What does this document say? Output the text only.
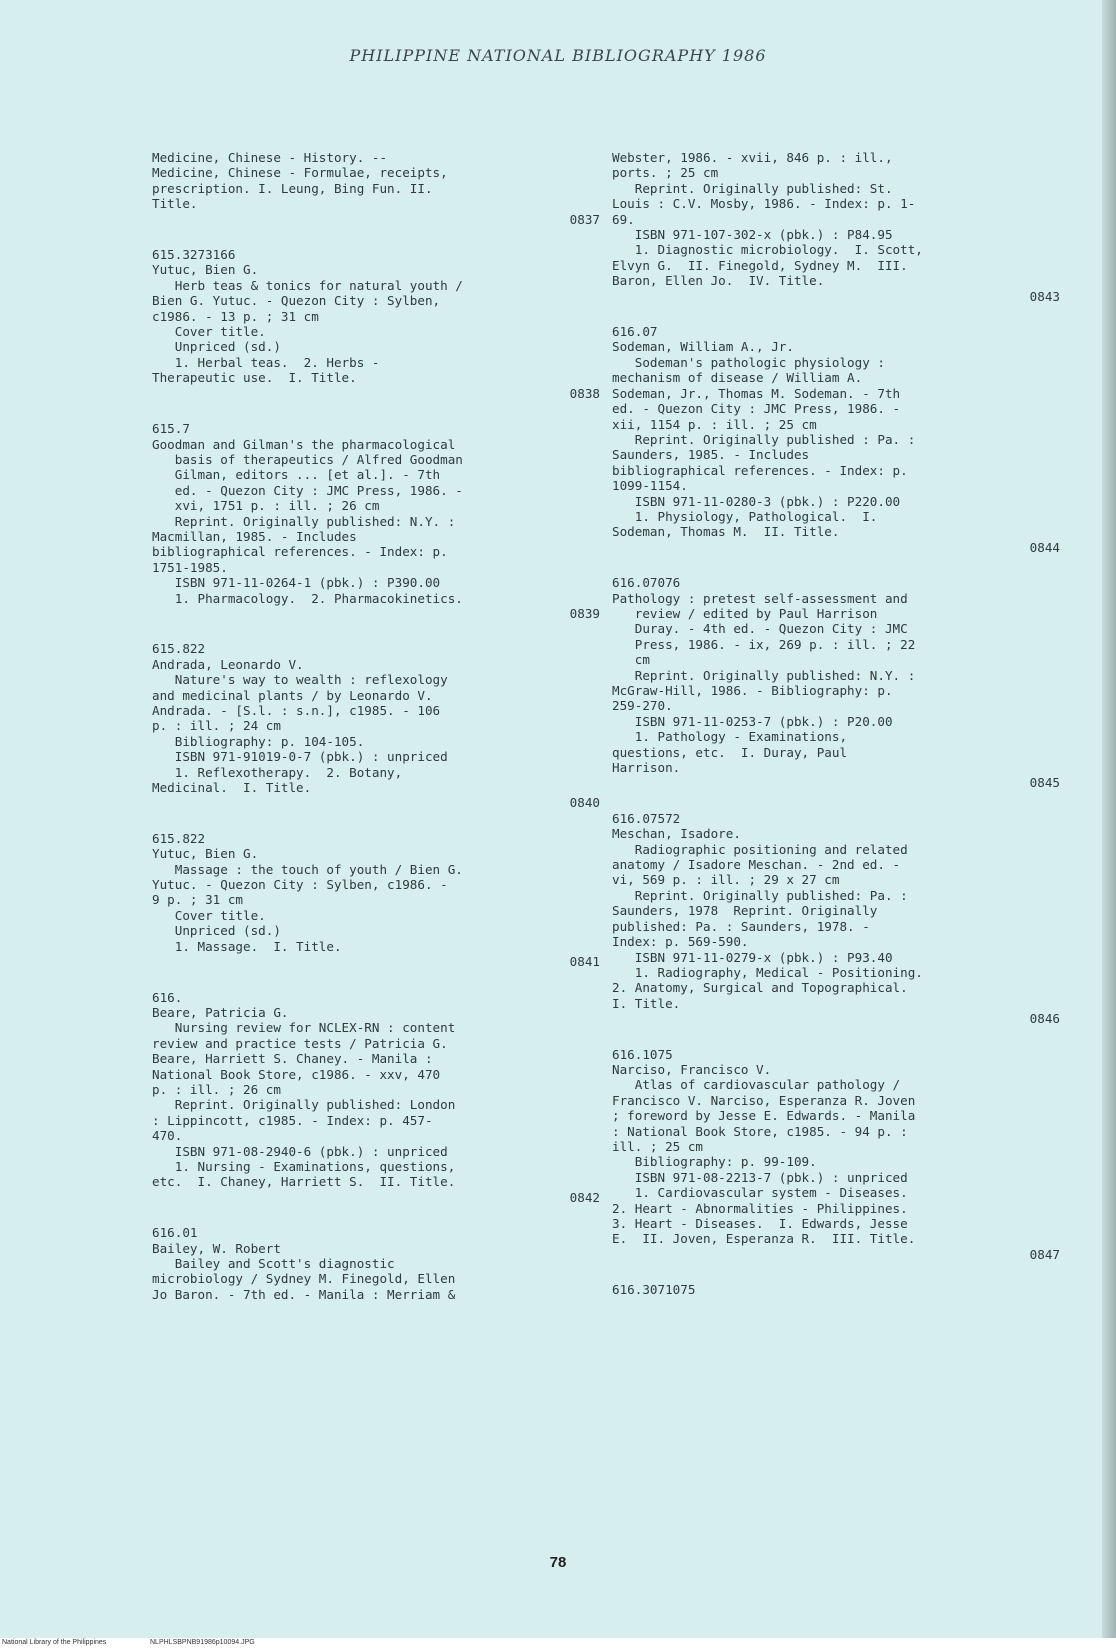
PHILIPPINE NATIONAL BIBLIOGRAPHY 1986
Medicine, Chinese - History. --
Medicine, Chinese - Formulae, receipts,
prescription. I. Leung, Bing Fun. II.
Title.
0837
615.3273166
Yutuc, Bien G.
Herb teas & tonics for natural youth /
Bien G. Yutuc. - Quezon City : Sylben,
c1986. - 13 p. ; 31 cm
Cover title.
Unpriced (sd.)
1. Herbal teas.  2. Herbs -
Therapeutic use.  I. Title.
0838
615.7
Goodman and Gilman's the pharmacological
basis of therapeutics / Alfred Goodman
Gilman, editors ... [et al.]. - 7th
ed. - Quezon City : JMC Press, 1986. -
xvi, 1751 p. : ill. ; 26 cm
Reprint. Originally published: N.Y. :
Macmillan, 1985. - Includes
bibliographical references. - Index: p.
1751-1985.
ISBN 971-11-0264-1 (pbk.) : P390.00
1. Pharmacology.  2. Pharmacokinetics.
0839
615.822
Andrada, Leonardo V.
Nature's way to wealth : reflexology
and medicinal plants / by Leonardo V.
Andrada. - [S.l. : s.n.], c1985. - 106
p. : ill. ; 24 cm
Bibliography: p. 104-105.
ISBN 971-91019-0-7 (pbk.) : unpriced
1. Reflexotherapy.  2. Botany,
Medicinal.  I. Title.
0840
615.822
Yutuc, Bien G.
Massage : the touch of youth / Bien G.
Yutuc. - Quezon City : Sylben, c1986. -
9 p. ; 31 cm
Cover title.
Unpriced (sd.)
1. Massage.  I. Title.
0841
616.
Beare, Patricia G.
Nursing review for NCLEX-RN : content
review and practice tests / Patricia G.
Beare, Harriett S. Chaney. - Manila :
National Book Store, c1986. - xxv, 470
p. : ill. ; 26 cm
Reprint. Originally published: London
: Lippincott, c1985. - Index: p. 457-
470.
ISBN 971-08-2940-6 (pbk.) : unpriced
1. Nursing - Examinations, questions,
etc.  I. Chaney, Harriett S.  II. Title.
0842
616.01
Bailey, W. Robert
Bailey and Scott's diagnostic
microbiology / Sydney M. Finegold, Ellen
Jo Baron. - 7th ed. - Manila : Merriam &
Webster, 1986. - xvii, 846 p. : ill.,
ports. ; 25 cm
Reprint. Originally published: St.
Louis : C.V. Mosby, 1986. - Index: p. 1-
69.
ISBN 971-107-302-x (pbk.) : P84.95
1. Diagnostic microbiology.  I. Scott,
Elvyn G.  II. Finegold, Sydney M.  III.
Baron, Ellen Jo.  IV. Title.
0843
616.07
Sodeman, William A., Jr.
Sodeman's pathologic physiology :
mechanism of disease / William A.
Sodeman, Jr., Thomas M. Sodeman. - 7th
ed. - Quezon City : JMC Press, 1986. -
xii, 1154 p. : ill. ; 25 cm
Reprint. Originally published : Pa. :
Saunders, 1985. - Includes
bibliographical references. - Index: p.
1099-1154.
ISBN 971-11-0280-3 (pbk.) : P220.00
1. Physiology, Pathological.  I.
Sodeman, Thomas M.  II. Title.
0844
616.07076
Pathology : pretest self-assessment and
review / edited by Paul Harrison
Duray. - 4th ed. - Quezon City : JMC
Press, 1986. - ix, 269 p. : ill. ; 22
cm
Reprint. Originally published: N.Y. :
McGraw-Hill, 1986. - Bibliography: p.
259-270.
ISBN 971-11-0253-7 (pbk.) : P20.00
1. Pathology - Examinations,
questions, etc.  I. Duray, Paul
Harrison.
0845
616.07572
Meschan, Isadore.
Radiographic positioning and related
anatomy / Isadore Meschan. - 2nd ed. -
vi, 569 p. : ill. ; 29 x 27 cm
Reprint. Originally published: Pa. :
Saunders, 1978  Reprint. Originally
published: Pa. : Saunders, 1978. -
Index: p. 569-590.
ISBN 971-11-0279-x (pbk.) : P93.40
1. Radiography, Medical - Positioning.
2. Anatomy, Surgical and Topographical.
I. Title.
0846
616.1075
Narciso, Francisco V.
Atlas of cardiovascular pathology /
Francisco V. Narciso, Esperanza R. Joven
; foreword by Jesse E. Edwards. - Manila
: National Book Store, c1985. - 94 p. :
ill. ; 25 cm
Bibliography: p. 99-109.
ISBN 971-08-2213-7 (pbk.) : unpriced
1. Cardiovascular system - Diseases.
2. Heart - Abnormalities - Philippines.
3. Heart - Diseases.  I. Edwards, Jesse
E.  II. Joven, Esperanza R.  III. Title.
0847
616.3071075
78
National Library of the Philippines	NLPHLSBPNB91986p10094.JPG
